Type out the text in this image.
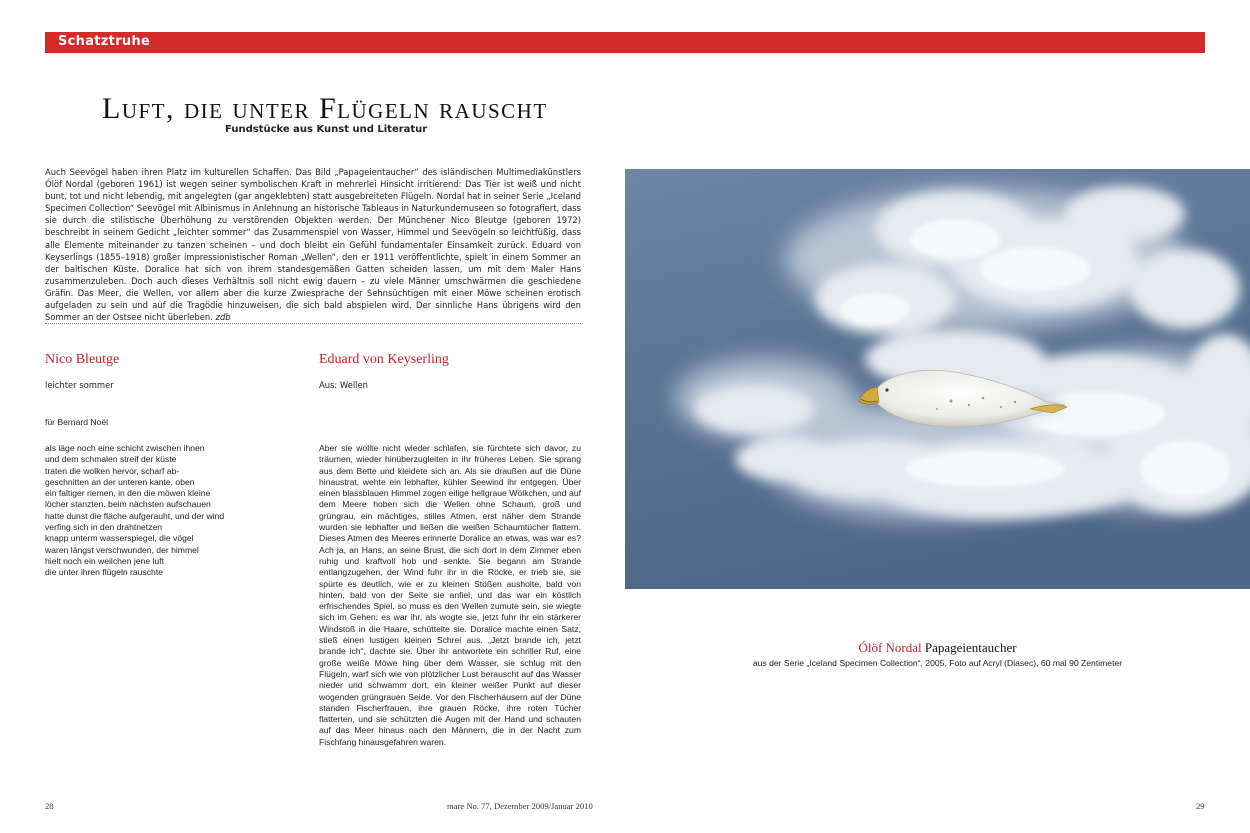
Schatztruhe
Luft, die unter Flügeln rauscht
Fundstücke aus Kunst und Literatur
Auch Seevögel haben ihren Platz im kulturellen Schaffen. Das Bild „Papageientaucher“ des isländischen Multimediakünstlers Ólöf Nordal (geboren 1961) ist wegen seiner symbolischen Kraft in mehrerlei Hinsicht irritierend: Das Tier ist weiß und nicht bunt, tot und nicht lebendig, mit angelegten (gar angeklebten) statt ausgebreiteten Flügeln. Nordal hat in seiner Serie „Iceland Specimen Collection“ Seevögel mit Albinismus in Anlehnung an historische Tableaus in Naturkundemuseen so fotografiert, dass sie durch die stilistische Überhöhung zu verstörenden Objekten werden. Der Münchener Nico Bleutge (geboren 1972) beschreibt in seinem Gedicht „leichter sommer“ das Zusammenspiel von Wasser, Himmel und Seevögeln so leichtfüßig, dass alle Elemente miteinander zu tanzen scheinen – und doch bleibt ein Gefühl fundamentaler Einsamkeit zurück. Eduard von Keyserlings (1855–1918) großer impressionistischer Roman „Wellen“, den er 1911 veröffentlichte, spielt in einem Sommer an der baltischen Küste. Doralice hat sich von ihrem standesgemäßen Gatten scheiden lassen, um mit dem Maler Hans zusammenzuleben. Doch auch dieses Verhältnis soll nicht ewig dauern – zu viele Männer umschwärmen die geschiedene Gräfin. Das Meer, die Wellen, vor allem aber die kurze Zwiesprache der Sehnsüchtigen mit einer Möwe scheinen erotisch aufgeladen zu sein und auf die Tragödie hinzuweisen, die sich bald abspielen wird. Der sinnliche Hans übrigens wird den Sommer an der Ostsee nicht überleben. zdb
Nico Bleutge
leichter sommer
für Bernard Noël
als läge noch eine schicht zwischen ihnen
und dem schmalen streif der küste
traten die wolken hervor, scharf ab-
geschnitten an der unteren kante, oben
ein faltiger riemen, in den die möwen kleine
löcher stanzten. beim nächsten aufschauen
hatte dunst die fläche aufgerauht, und der wind
verfing sich in den drahtnetzen
knapp unterm wasserspiegel, die vögel
waren längst verschwunden, der himmel
hielt noch ein weilchen jene luft
die unter ihren flügeln rauschte
Eduard von Keyserling
Aus: Wellen
Aber sie wollte nicht wieder schlafen, sie fürchtete sich davor, zu träumen, wieder hinüberzugleiten in ihr früheres Leben. Sie sprang aus dem Bette und kleidete sich an. Als sie draußen auf die Düne hinaustrat, wehte ein lebhafter, kühler Seewind ihr entgegen. Über einen blassblauen Himmel zogen eilige hellgraue Wölkchen, und auf dem Meere hoben sich die Wellen ohne Schaum, groß und grüngrau, ein mächtiges, stilles Atmen, erst näher dem Strande wurden sie lebhafter und ließen die weißen Schaumtücher flattern. Dieses Atmen des Meeres erinnerte Doralice an etwas, was war es? Ach ja, an Hans, an seine Brust, die sich dort in dem Zimmer eben ruhig und kraftvoll hob und senkte. Sie begann am Strande entlangzugehen, der Wind fuhr ihr in die Röcke, er trieb sie, sie spürte es deutlich, wie er zu kleinen Stößen ausholte, bald von hinten, bald von der Seite sie anfiel, und das war ein köstlich erfrischendes Spiel, so muss es den Wellen zumute sein, sie wiegte sich im Gehen; es war ihr, als wogte sie, jetzt fuhr ihr ein stärkerer Windstoß in die Haare, schüttelte sie. Doralice machte einen Satz, stieß einen lustigen kleinen Schrei aus. „Jetzt brande ich, jetzt brande ich“, dachte sie. Über ihr antwortete ein schriller Ruf, eine große weiße Möwe hing über dem Wasser, sie schlug mit den Flügeln, warf sich wie von plötzlicher Lust berauscht auf das Wasser nieder und schwamm dort, ein kleiner weißer Punkt auf dieser wogenden grüngrauen Seide. Vor den Fischerhäusern auf der Düne standen Fischerfrauen, ihre grauen Röcke, ihre roten Tücher flatterten, und sie schützten die Augen mit der Hand und schauten auf das Meer hinaus nach den Männern, die in der Nacht zum Fischfang hinausgefahren waren.
28	mare No. 77, Dezember 2009/Januar 2010	29
Ólöf Nordal Papageientaucher
aus der Serie „Iceland Specimen Collection“, 2005, Foto auf Acryl (Diasec), 60 mal 90 Zentimeter
